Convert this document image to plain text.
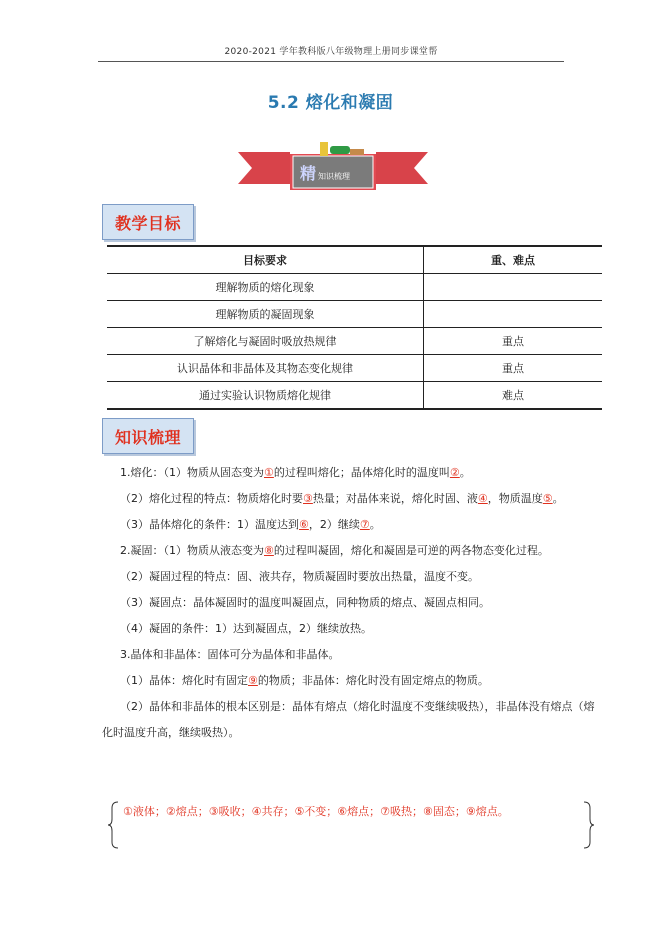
2020-2021 学年教科版八年级物理上册同步课堂帮
5.2 熔化和凝固
精 知识梳理
教学目标
目标要求	重、难点
理解物质的熔化现象	
理解物质的凝固现象	
了解熔化与凝固时吸放热规律	重点
认识晶体和非晶体及其物态变化规律	重点
通过实验认识物质熔化规律	难点
知识梳理

1.熔化：（1）物质从固态变为①的过程叫熔化；晶体熔化时的温度叫②。

（2）熔化过程的特点：物质熔化时要③热量；对晶体来说，熔化时固、液④，物质温度⑤。

（3）晶体熔化的条件：1）温度达到⑥，2）继续⑦。

2.凝固：（1）物质从液态变为⑧的过程叫凝固，熔化和凝固是可逆的两各物态变化过程。

（2）凝固过程的特点：固、液共存，物质凝固时要放出热量，温度不变。

（3）凝固点：晶体凝固时的温度叫凝固点，同种物质的熔点、凝固点相同。

（4）凝固的条件：1）达到凝固点，2）继续放热。

3.晶体和非晶体：固体可分为晶体和非晶体。

（1）晶体：熔化时有固定⑨的物质；非晶体：熔化时没有固定熔点的物质。

（2）晶体和非晶体的根本区别是：晶体有熔点（熔化时温度不变继续吸热），非晶体没有熔点（熔化时温度升高，继续吸热）。

①液体；②熔点；③吸收；④共存；⑤不变；⑥熔点；⑦吸热；⑧固态；⑨熔点。
